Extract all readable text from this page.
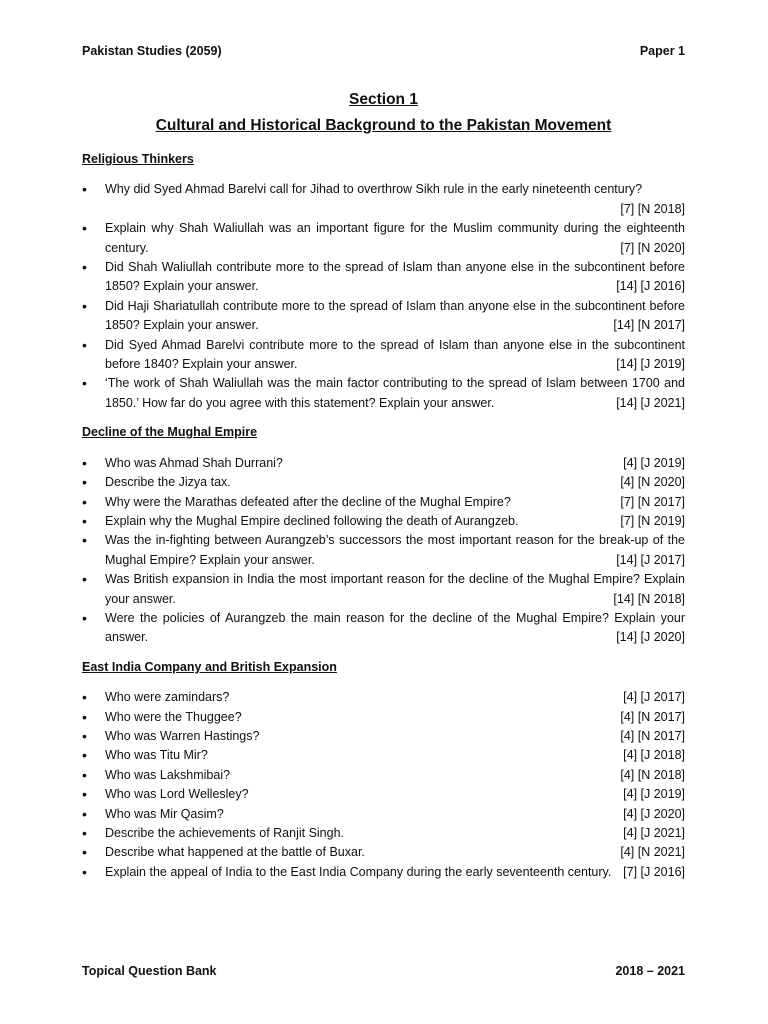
Pakistan Studies (2059)	Paper 1
Section 1
Cultural and Historical Background to the Pakistan Movement
Religious Thinkers
• Why did Syed Ahmad Barelvi call for Jihad to overthrow Sikh rule in the early nineteenth century?
[7] [N 2018]
• Explain why Shah Waliullah was an important figure for the Muslim community during the eighteenth century.	[7] [N 2020]
• Did Shah Waliullah contribute more to the spread of Islam than anyone else in the subcontinent before 1850? Explain your answer.	[14] [J 2016]
• Did Haji Shariatullah contribute more to the spread of Islam than anyone else in the subcontinent before 1850? Explain your answer.	[14] [N 2017]
• Did Syed Ahmad Barelvi contribute more to the spread of Islam than anyone else in the subcontinent before 1840? Explain your answer.	[14] [J 2019]
• ‘The work of Shah Waliullah was the main factor contributing to the spread of Islam between 1700 and 1850.’ How far do you agree with this statement? Explain your answer.	[14] [J 2021]
Decline of the Mughal Empire
• Who was Ahmad Shah Durrani?	[4] [J 2019]
• Describe the Jizya tax.	[4] [N 2020]
• Why were the Marathas defeated after the decline of the Mughal Empire?	[7] [N 2017]
• Explain why the Mughal Empire declined following the death of Aurangzeb.	[7] [N 2019]
• Was the in-fighting between Aurangzeb’s successors the most important reason for the break-up of the Mughal Empire? Explain your answer.	[14] [J 2017]
• Was British expansion in India the most important reason for the decline of the Mughal Empire? Explain your answer.	[14] [N 2018]
• Were the policies of Aurangzeb the main reason for the decline of the Mughal Empire? Explain your answer.	[14] [J 2020]
East India Company and British Expansion
• Who were zamindars?	[4] [J 2017]
• Who were the Thuggee?	[4] [N 2017]
• Who was Warren Hastings?	[4] [N 2017]
• Who was Titu Mir?	[4] [J 2018]
• Who was Lakshmibai?	[4] [N 2018]
• Who was Lord Wellesley?	[4] [J 2019]
• Who was Mir Qasim?	[4] [J 2020]
• Describe the achievements of Ranjit Singh.	[4] [J 2021]
• Describe what happened at the battle of Buxar.	[4] [N 2021]
• Explain the appeal of India to the East India Company during the early seventeenth century. [7] [J 2016]
Topical Question Bank	2018 – 2021
